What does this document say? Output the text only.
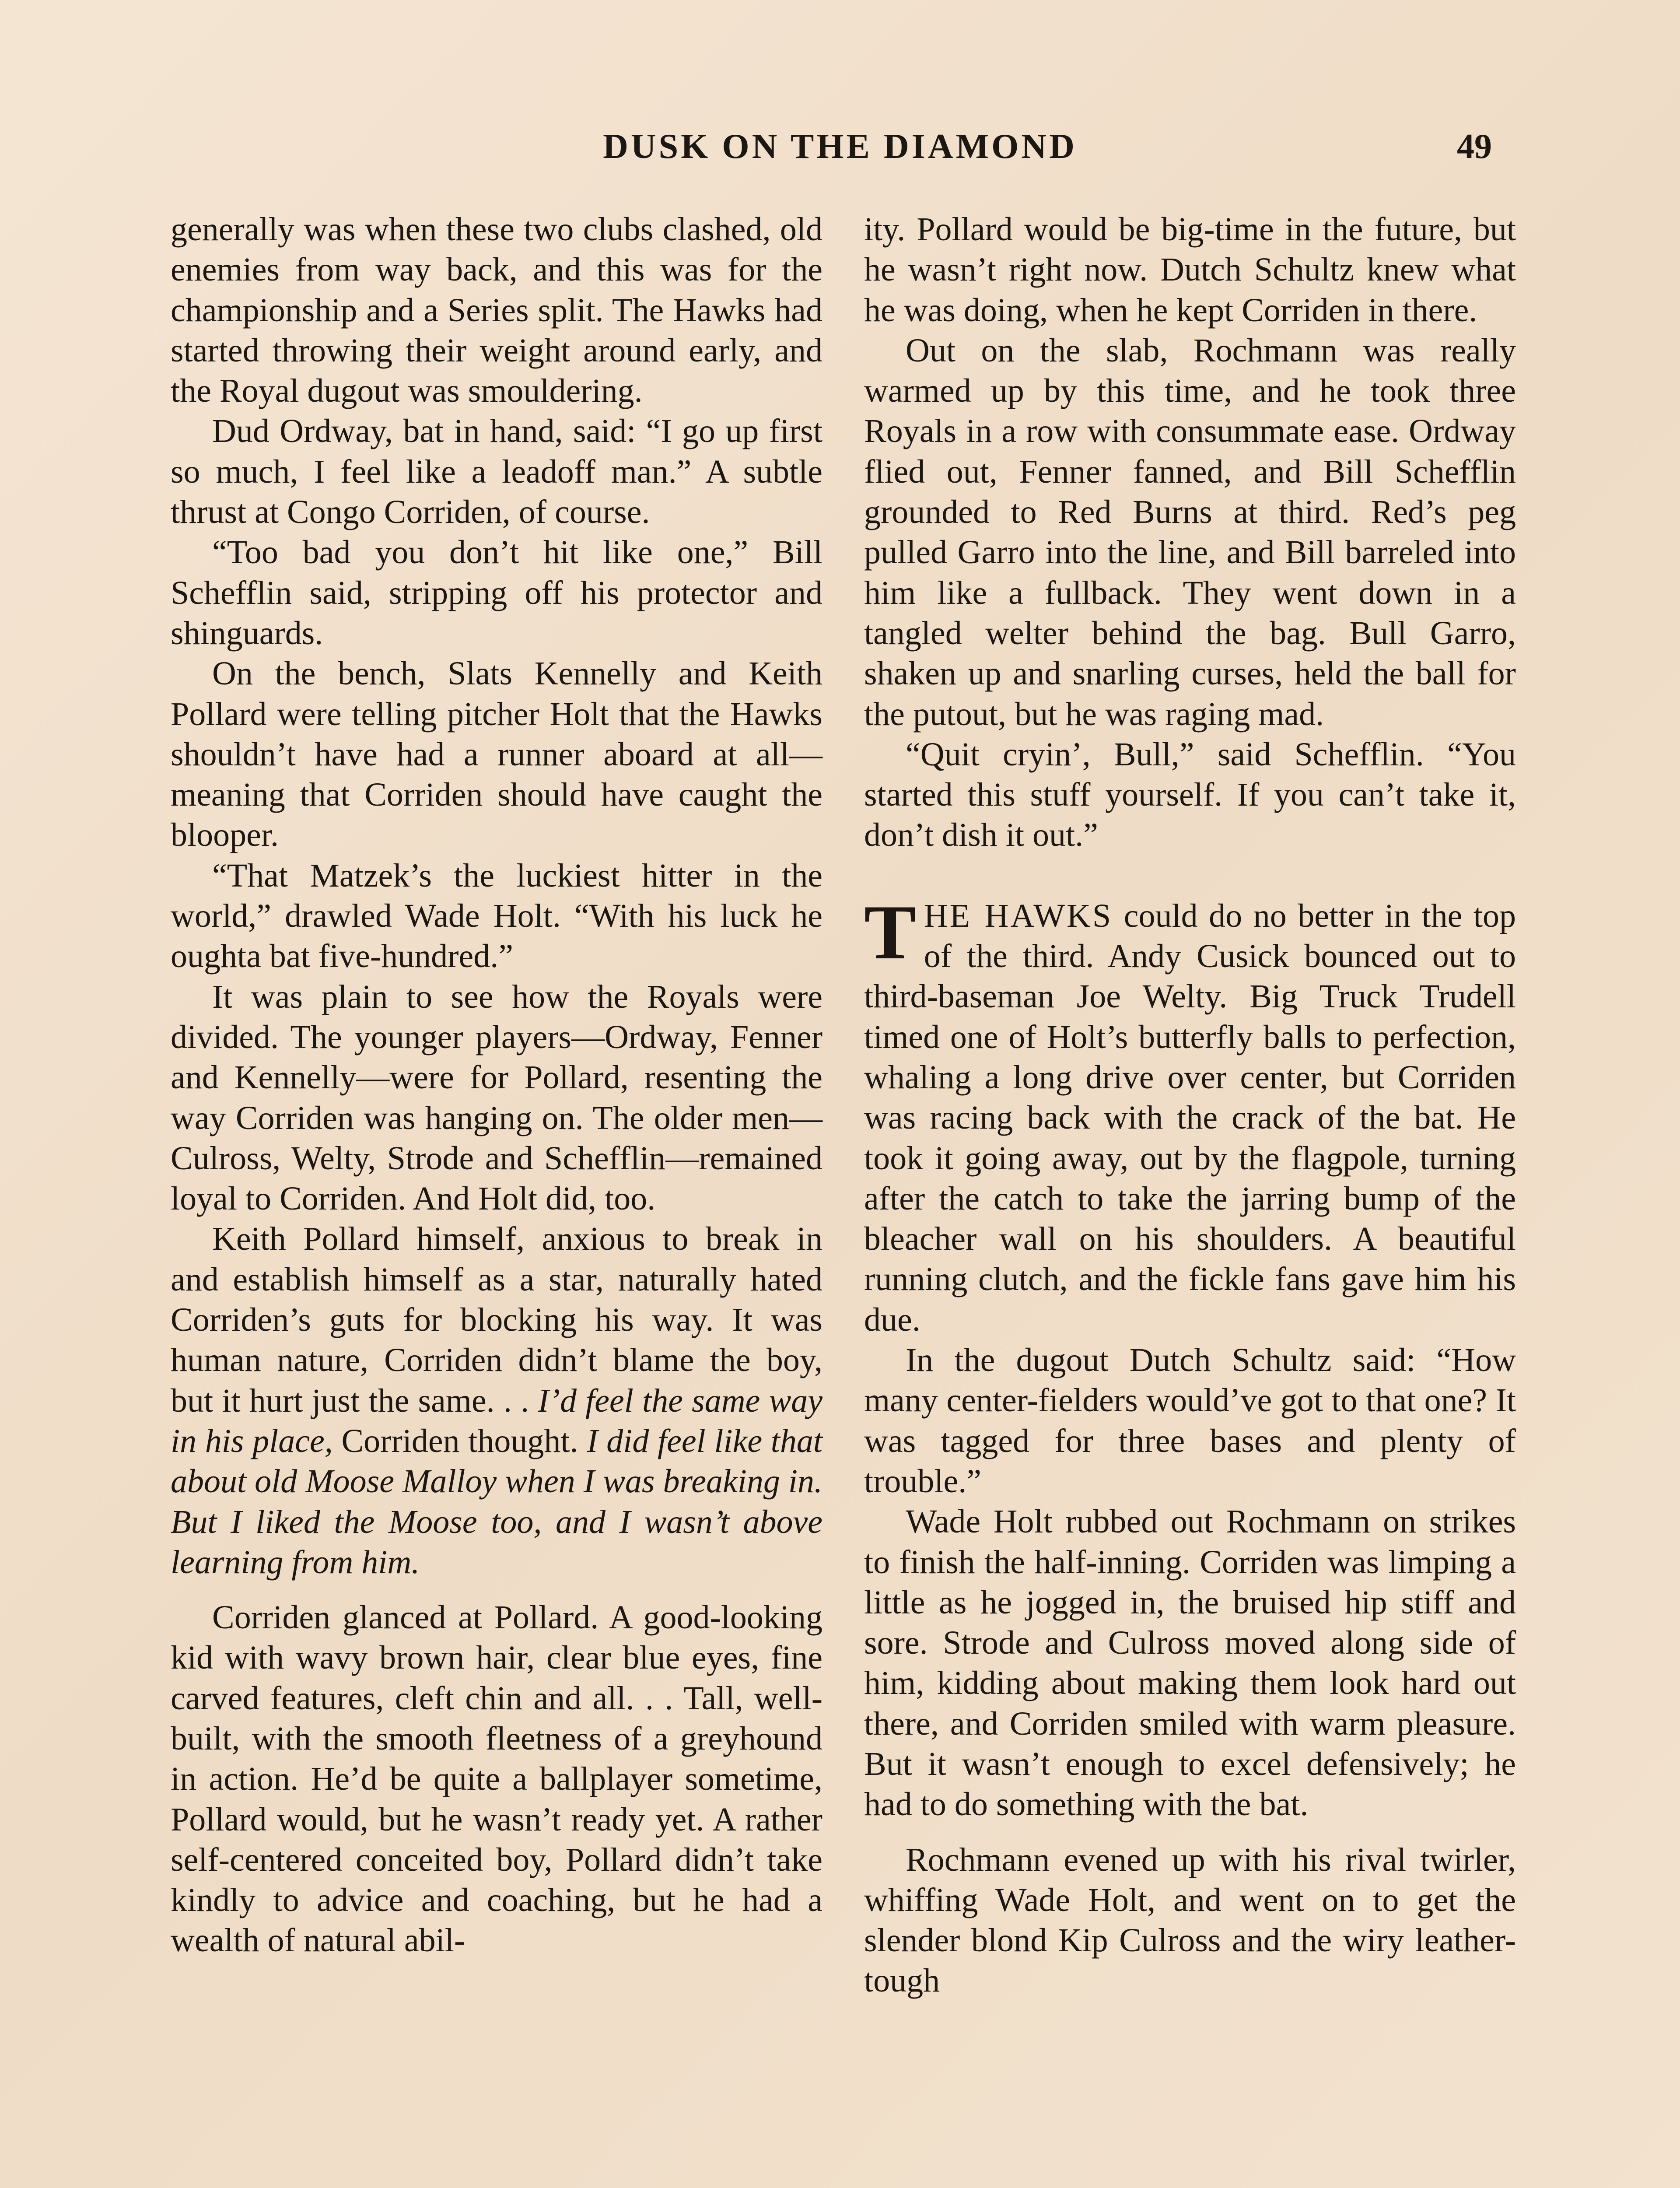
DUSK ON THE DIAMOND	49

generally was when these two clubs clashed, old enemies from way back, and this was for the championship and a Series split. The Hawks had started throwing their weight around early, and the Royal dugout was smouldering.

Dud Ordway, bat in hand, said: “I go up first so much, I feel like a leadoff man.” A subtle thrust at Congo Corriden, of course.

“Too bad you don’t hit like one,” Bill Schefflin said, stripping off his protector and shinguards.

On the bench, Slats Kennelly and Keith Pollard were telling pitcher Holt that the Hawks shouldn’t have had a runner aboard at all—meaning that Corriden should have caught the blooper.

“That Matzek’s the luckiest hitter in the world,” drawled Wade Holt. “With his luck he oughta bat five-hundred.”

It was plain to see how the Royals were divided. The younger players—Ordway, Fenner and Kennelly—were for Pollard, resenting the way Corriden was hanging on. The older men—Culross, Welty, Strode and Schefflin—remained loyal to Corriden. And Holt did, too.

Keith Pollard himself, anxious to break in and establish himself as a star, naturally hated Corriden’s guts for blocking his way. It was human nature, Corriden didn’t blame the boy, but it hurt just the same. . . I’d feel the same way in his place, Corriden thought. I did feel like that about old Moose Malloy when I was breaking in. But I liked the Moose too, and I wasn’t above learning from him.

Corriden glanced at Pollard. A good-looking kid with wavy brown hair, clear blue eyes, fine carved features, cleft chin and all. . . Tall, well-built, with the smooth fleetness of a greyhound in action. He’d be quite a ballplayer sometime, Pollard would, but he wasn’t ready yet. A rather self-centered conceited boy, Pollard didn’t take kindly to advice and coaching, but he had a wealth of natural abil-

ity. Pollard would be big-time in the future, but he wasn’t right now. Dutch Schultz knew what he was doing, when he kept Corriden in there.

Out on the slab, Rochmann was really warmed up by this time, and he took three Royals in a row with consummate ease. Ordway flied out, Fenner fanned, and Bill Schefflin grounded to Red Burns at third. Red’s peg pulled Garro into the line, and Bill barreled into him like a fullback. They went down in a tangled welter behind the bag. Bull Garro, shaken up and snarling curses, held the ball for the putout, but he was raging mad.

“Quit cryin’, Bull,” said Schefflin. “You started this stuff yourself. If you can’t take it, don’t dish it out.”

THE HAWKS could do no better in the top of the third. Andy Cusick bounced out to third-baseman Joe Welty. Big Truck Trudell timed one of Holt’s butterfly balls to perfection, whaling a long drive over center, but Corriden was racing back with the crack of the bat. He took it going away, out by the flagpole, turning after the catch to take the jarring bump of the bleacher wall on his shoulders. A beautiful running clutch, and the fickle fans gave him his due.

In the dugout Dutch Schultz said: “How many center-fielders would’ve got to that one? It was tagged for three bases and plenty of trouble.”

Wade Holt rubbed out Rochmann on strikes to finish the half-inning. Corriden was limping a little as he jogged in, the bruised hip stiff and sore. Strode and Culross moved along side of him, kidding about making them look hard out there, and Corriden smiled with warm pleasure. But it wasn’t enough to excel defensively; he had to do something with the bat.

Rochmann evened up with his rival twirler, whiffing Wade Holt, and went on to get the slender blond Kip Culross and the wiry leather-tough
